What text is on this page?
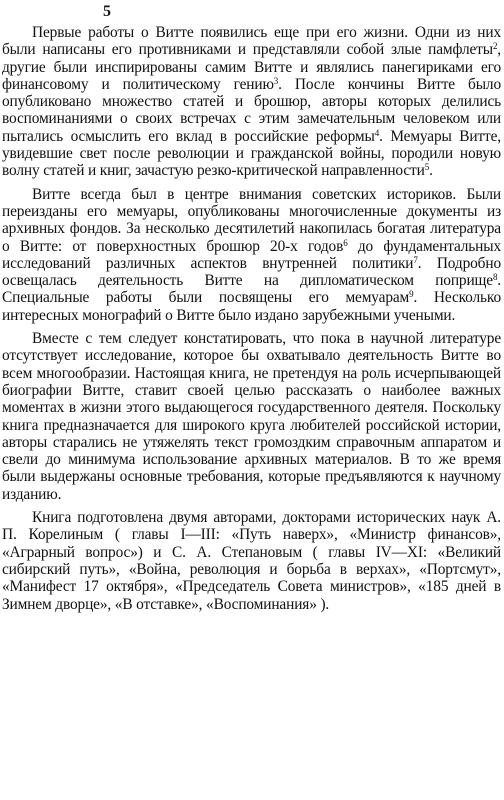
5

Первые работы о Витте появились еще при его жизни. Одни из них были написаны его противниками и представляли собой злые памфлеты$^2$, другие были инспирированы самим Витте и являлись панегириками его финансовому и политическому гению$^3$. После кончины Витте было опубликовано множество статей и брошюр, авторы которых делились воспоминаниями о своих встречах с этим замечательным человеком или пытались осмыслить его вклад в российские реформы$^4$. Мемуары Витте, увидевшие свет после революции и гражданской войны, породили новую волну статей и книг, зачастую резко-критической направленности$^5$.

Витте всегда был в центре внимания советских историков. Были переизданы его мемуары, опубликованы многочисленные документы из архивных фондов. За несколько десятилетий накопилась богатая литература о Витте: от поверхностных брошюр 20-х годов$^6$ до фундаментальных исследований различных аспектов внутренней политики$^7$. Подробно освещалась деятельность Витте на дипломатическом поприще$^8$. Специальные работы были посвящены его мемуарам$^9$. Несколько интересных монографий о Витте было издано зарубежными учеными.

Вместе с тем следует констатировать, что пока в научной литературе отсутствует исследование, которое бы охватывало деятельность Витте во всем многообразии. Настоящая книга, не претендуя на роль исчерпывающей биографии Витте, ставит своей целью рассказать о наиболее важных моментах в жизни этого выдающегося государственного деятеля. Поскольку книга предназначается для широкого круга любителей российской истории, авторы старались не утяжелять текст громоздким справочным аппаратом и свели до минимума использование архивных материалов. В то же время были выдержаны основные требования, которые предъявляются к научному изданию.

Книга подготовлена двумя авторами, докторами исторических наук А. П. Корелиным ( главы I—III: «Путь наверх», «Министр финансов», «Аграрный вопрос») и С. А. Степановым ( главы IV—XI: «Великий сибирский путь», «Война, революция и борьба в верхах», «Портсмут», «Манифест 17 октября», «Председатель Совета министров», «185 дней в Зимнем дворце», «В отставке», «Воспоминания» ).
